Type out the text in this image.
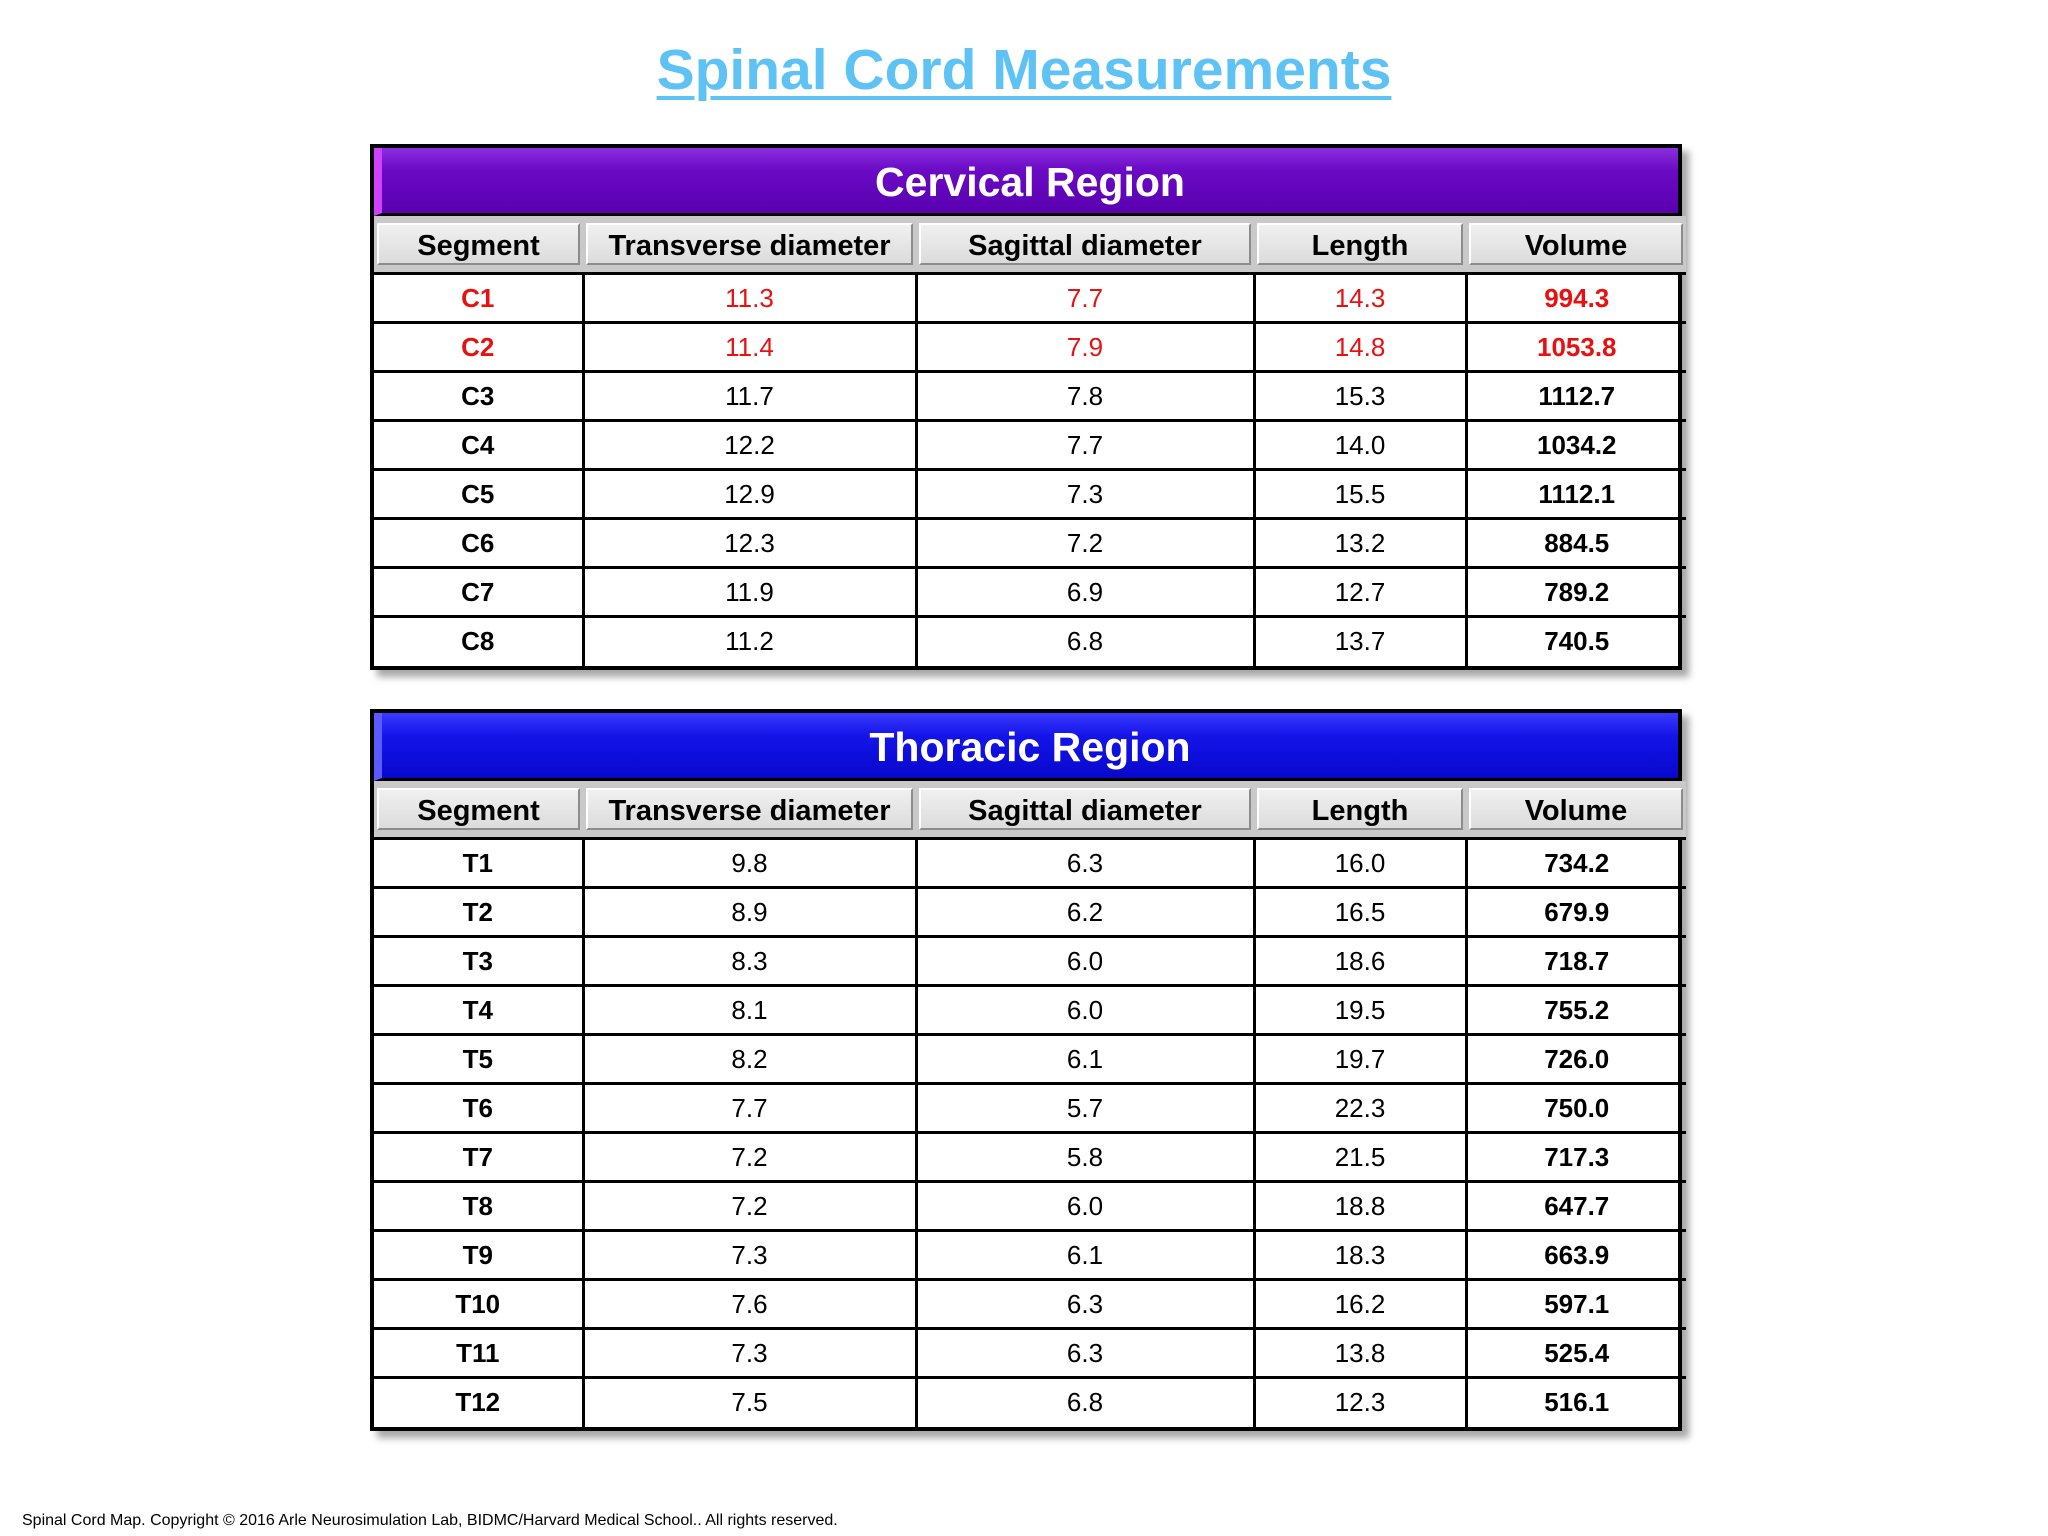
Spinal Cord Measurements
Cervical Region
Segment	Transverse diameter	Sagittal diameter	Length	Volume

C1	11.3	7.7	14.3	994.3
C2	11.4	7.9	14.8	1053.8
C3	11.7	7.8	15.3	1112.7
C4	12.2	7.7	14.0	1034.2
C5	12.9	7.3	15.5	1112.1
C6	12.3	7.2	13.2	884.5
C7	11.9	6.9	12.7	789.2
C8	11.2	6.8	13.7	740.5
Thoracic Region
Segment	Transverse diameter	Sagittal diameter	Length	Volume

T1	9.8	6.3	16.0	734.2
T2	8.9	6.2	16.5	679.9
T3	8.3	6.0	18.6	718.7
T4	8.1	6.0	19.5	755.2
T5	8.2	6.1	19.7	726.0
T6	7.7	5.7	22.3	750.0
T7	7.2	5.8	21.5	717.3
T8	7.2	6.0	18.8	647.7
T9	7.3	6.1	18.3	663.9
T10	7.6	6.3	16.2	597.1
T11	7.3	6.3	13.8	525.4
T12	7.5	6.8	12.3	516.1
Spinal Cord Map. Copyright © 2016 Arle Neurosimulation Lab, BIDMC/Harvard Medical School.. All rights reserved.
